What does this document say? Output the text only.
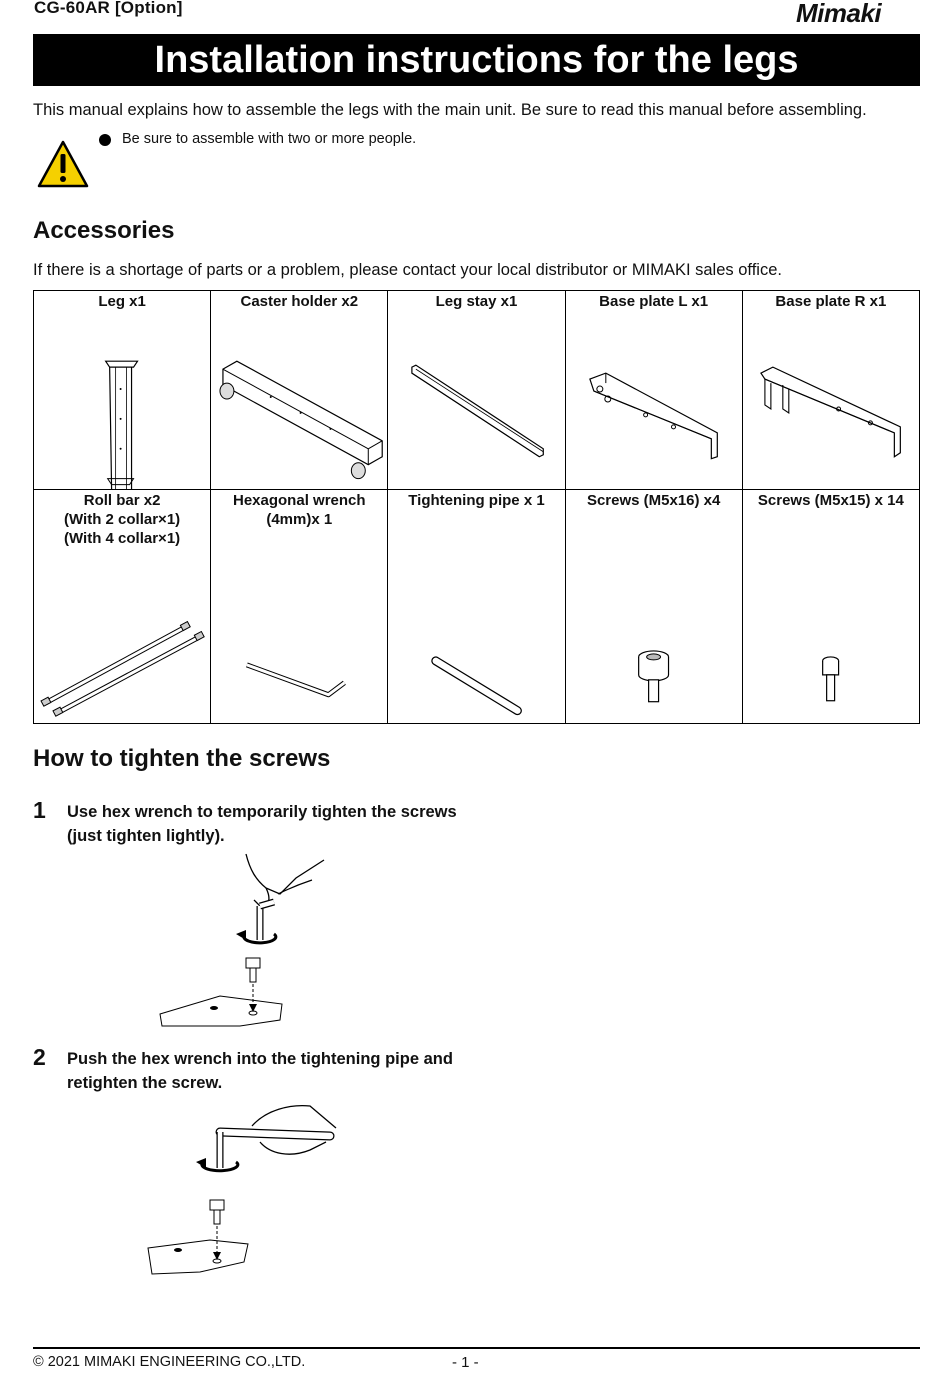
CG-60AR [Option]	Mimaki
Installation instructions for the legs
This manual explains how to assemble the legs with the main unit. Be sure to read this manual before assembling.
Be sure to assemble with two or more people.
Accessories
If there is a shortage of parts or a problem, please contact your local distributor or MIMAKI sales office.
Leg x1	Caster holder x2	Leg stay x1	Base plate L x1	Base plate R x1

Roll bar x2
(With 2 collar×1)
(With 4 collar×1)	Hexagonal wrench
(4mm)x 1	Tightening pipe x 1	Screws (M5x16) x4	Screws (M5x15) x 14
How to tighten the screws
1 Use hex wrench to temporarily tighten the screws (just tighten lightly).
2 Push the hex wrench into the tightening pipe and retighten the screw.
© 2021 MIMAKI ENGINEERING CO.,LTD.	- 1 -
